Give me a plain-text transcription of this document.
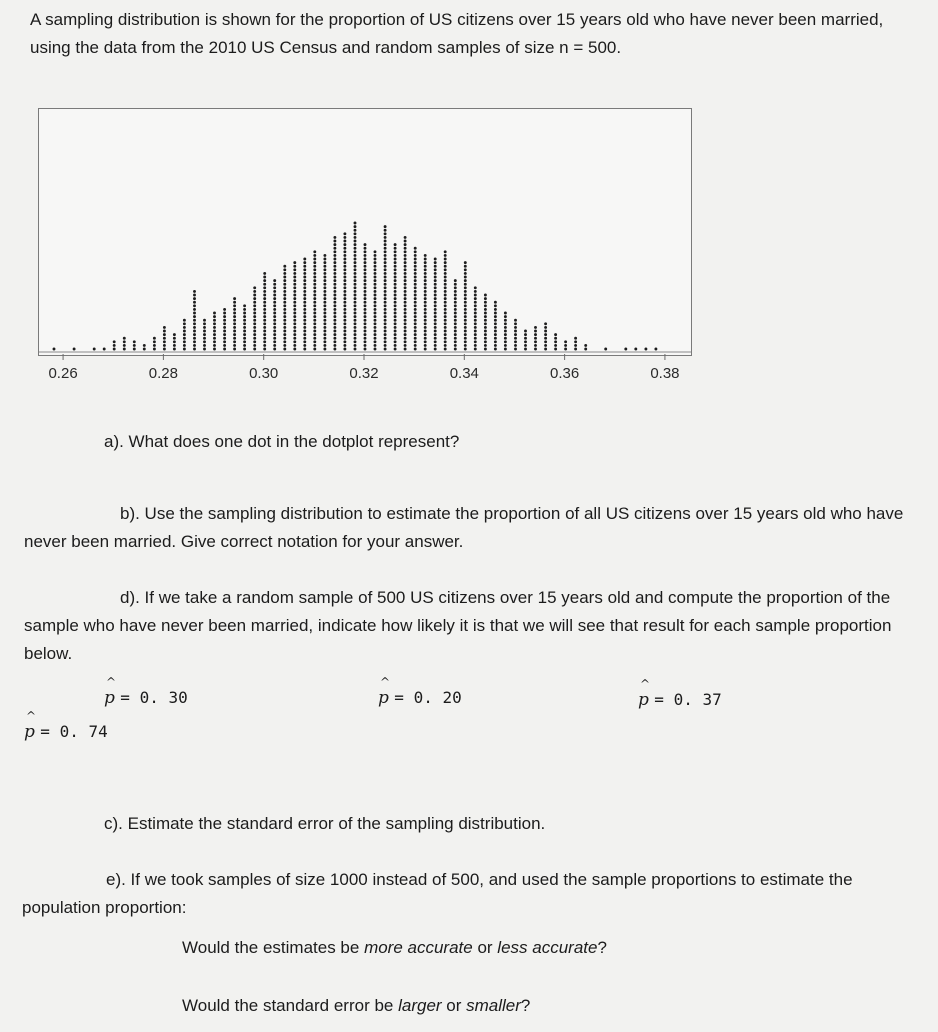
A sampling distribution is shown for the proportion of US citizens over 15 years old who have never been married, using the data from the 2010 US Census and random samples of size n = 500.
0.26	0.28	0.30	0.32	0.34	0.36	0.38
a). What does one dot in the dotplot represent?
b). Use the sampling distribution to estimate the proportion of all US citizens over 15 years old who have never been married. Give correct notation for your answer.
d). If we take a random sample of 500 US citizens over 15 years old and compute the proportion of the sample who have never been married, indicate how likely it is that we will see that result for each sample proportion below.
^ p = 0. 30	^ p = 0. 20	^ p = 0. 37
^ p = 0. 74
c). Estimate the standard error of the sampling distribution.
e). If we took samples of size 1000 instead of 500, and used the sample proportions to estimate the population proportion:
Would the estimates be more accurate or less accurate?
Would the standard error be larger or smaller?
